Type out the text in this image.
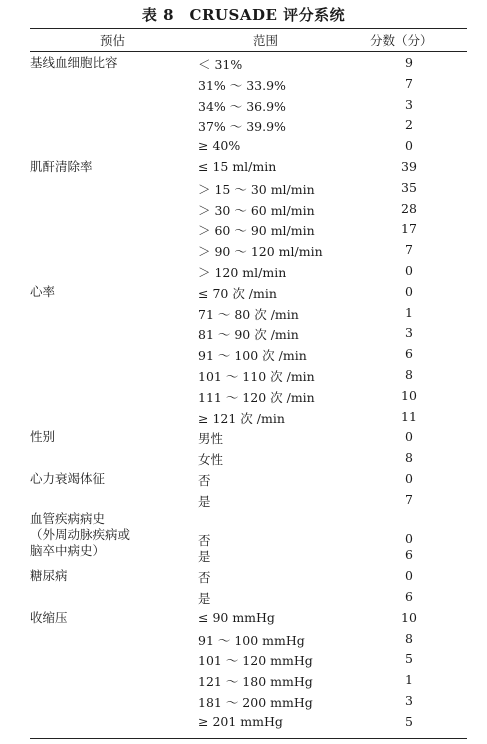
表 8　CRUSADE 评分系统
预估	范围	分数（分）
基线血细胞比容	＜ 31%	9
31% ～ 33.9%	7
34% ～ 36.9%	3
37% ～ 39.9%	2
≥ 40%	0
肌酐清除率	≤ 15 ml/min	39
＞ 15 ～ 30 ml/min	35
＞ 30 ～ 60 ml/min	28
＞ 60 ～ 90 ml/min	17
＞ 90 ～ 120 ml/min	7
＞ 120 ml/min	0
心率	≤ 70 次 /min	0
71 ～ 80 次 /min	1
81 ～ 90 次 /min	3
91 ～ 100 次 /min	6
101 ～ 110 次 /min	8
111 ～ 120 次 /min	10
≥ 121 次 /min	11
性别	男性	0
女性	8
心力衰竭体征	否	0
是	7
血管疾病病史
（外周动脉疾病或
脑卒中病史）
否	0
是	6
糖尿病	否	0
是	6
收缩压	≤ 90 mmHg	10
91 ～ 100 mmHg	8
101 ～ 120 mmHg	5
121 ～ 180 mmHg	1
181 ～ 200 mmHg	3
≥ 201 mmHg	5
